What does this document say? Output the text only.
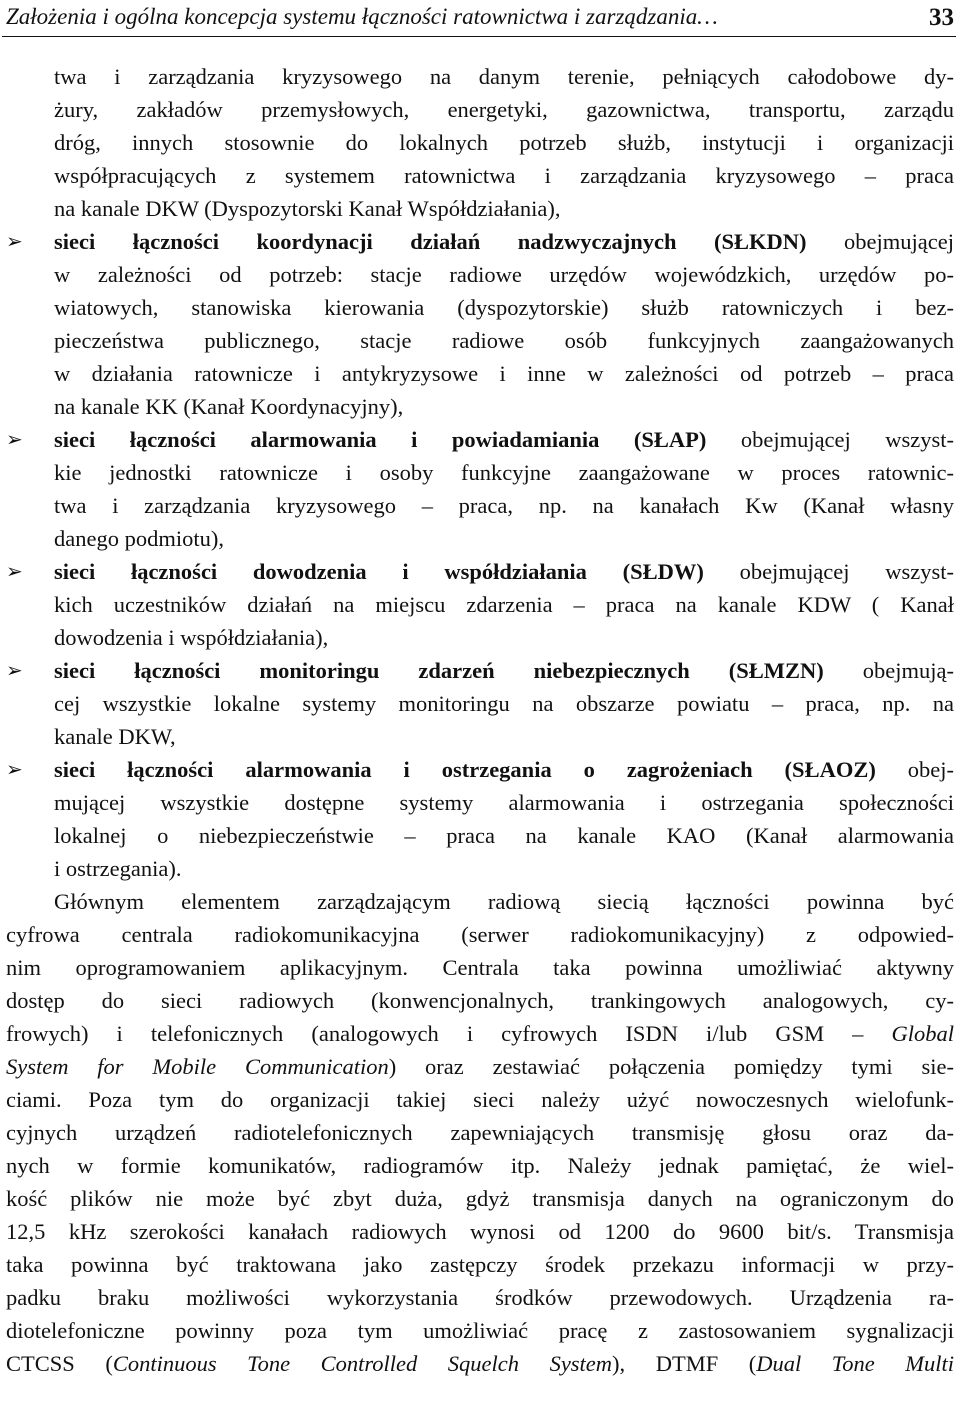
Założenia i ogólna koncepcja systemu łączności ratownictwa i zarządzania…	33
twa i zarządzania kryzysowego na danym terenie, pełniących całodobowe dy-
żury, zakładów przemysłowych, energetyki, gazownictwa, transportu, zarządu
dróg, innych stosownie do lokalnych potrzeb służb, instytucji i organizacji
współpracujących z systemem ratownictwa i zarządzania kryzysowego – praca
na kanale DKW (Dyspozytorski Kanał Współdziałania),
➢	sieci łączności koordynacji działań nadzwyczajnych (SŁKDN) obejmującej
w zależności od potrzeb: stacje radiowe urzędów wojewódzkich, urzędów po-
wiatowych, stanowiska kierowania (dyspozytorskie) służb ratowniczych i bez-
pieczeństwa publicznego, stacje radiowe osób funkcyjnych zaangażowanych
w działania ratownicze i antykryzysowe i inne w zależności od potrzeb – praca
na kanale KK (Kanał Koordynacyjny),
➢	sieci łączności alarmowania i powiadamiania (SŁAP) obejmującej wszyst-
kie jednostki ratownicze i osoby funkcyjne zaangażowane w proces ratownic-
twa i zarządzania kryzysowego – praca, np. na kanałach Kw (Kanał własny
danego podmiotu),
➢	sieci łączności dowodzenia i współdziałania (SŁDW) obejmującej wszyst-
kich uczestników działań na miejscu zdarzenia – praca na kanale KDW ( Kanał
dowodzenia i współdziałania),
➢	sieci łączności monitoringu zdarzeń niebezpiecznych (SŁMZN) obejmują-
cej wszystkie lokalne systemy monitoringu na obszarze powiatu – praca, np. na
kanale DKW,
➢	sieci łączności alarmowania i ostrzegania o zagrożeniach (SŁAOZ) obej-
mującej wszystkie dostępne systemy alarmowania i ostrzegania społeczności
lokalnej o niebezpieczeństwie – praca na kanale KAO (Kanał alarmowania
i ostrzegania).
Głównym elementem zarządzającym radiową siecią łączności powinna być
cyfrowa centrala radiokomunikacyjna (serwer radiokomunikacyjny) z odpowied-
nim oprogramowaniem aplikacyjnym. Centrala taka powinna umożliwiać aktywny
dostęp do sieci radiowych (konwencjonalnych, trankingowych analogowych, cy-
frowych) i telefonicznych (analogowych i cyfrowych ISDN i/lub GSM – Global
System for Mobile Communication) oraz zestawiać połączenia pomiędzy tymi sie-
ciami. Poza tym do organizacji takiej sieci należy użyć nowoczesnych wielofunk-
cyjnych urządzeń radiotelefonicznych zapewniających transmisję głosu oraz da-
nych w formie komunikatów, radiogramów itp. Należy jednak pamiętać, że wiel-
kość plików nie może być zbyt duża, gdyż transmisja danych na ograniczonym do
12,5 kHz szerokości kanałach radiowych wynosi od 1200 do 9600 bit/s. Transmisja
taka powinna być traktowana jako zastępczy środek przekazu informacji w przy-
padku braku możliwości wykorzystania środków przewodowych. Urządzenia ra-
diotelefoniczne powinny poza tym umożliwiać pracę z zastosowaniem sygnalizacji
CTCSS (Continuous Tone Controlled Squelch System), DTMF (Dual Tone Multi
